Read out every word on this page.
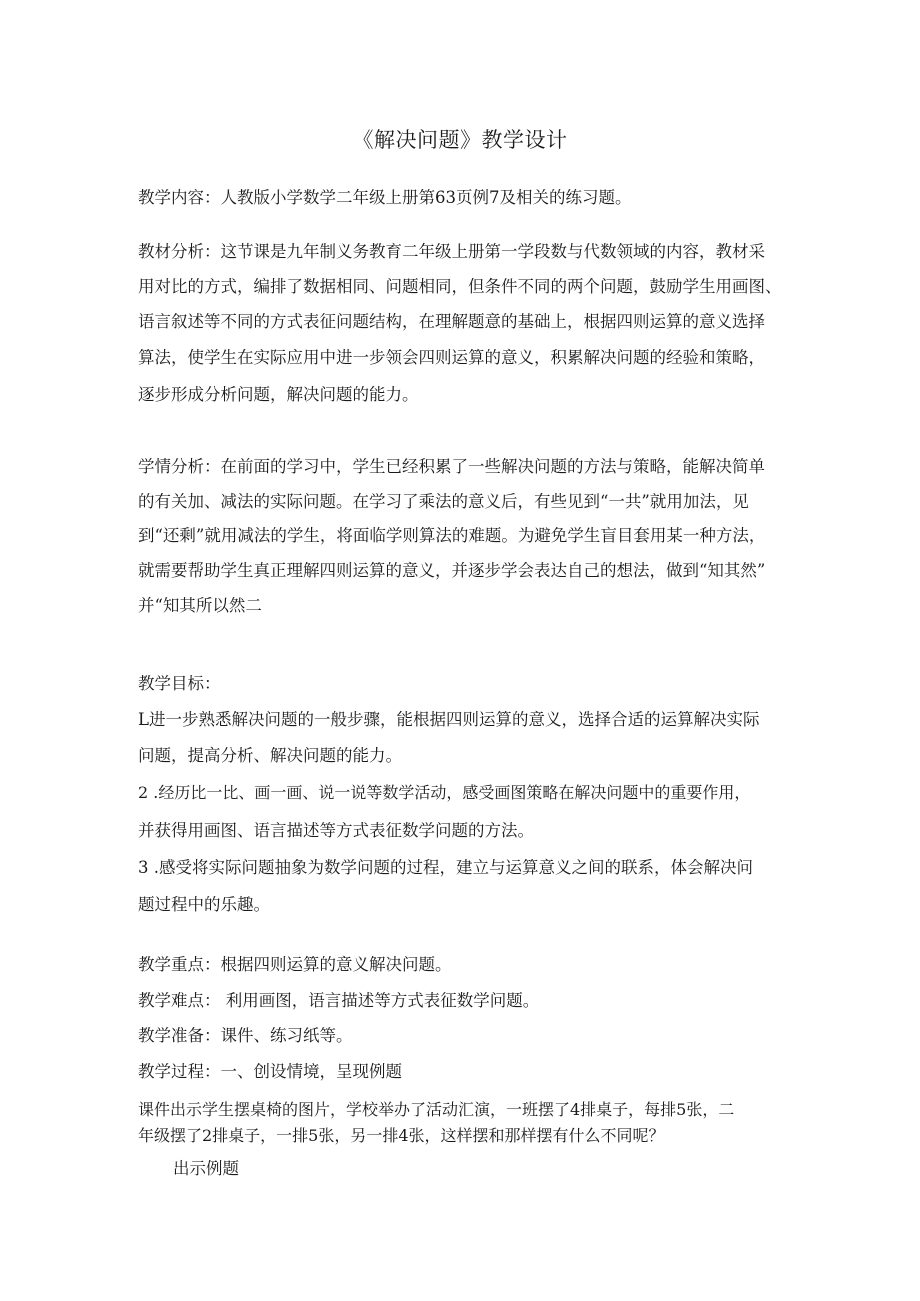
《解决问题》教学设计
教学内容：人教版小学数学二年级上册第63页例7及相关的练习题。
教材分析：这节课是九年制义务教育二年级上册第一学段数与代数领域的内容，教材采
用对比的方式，编排了数据相同、问题相同，但条件不同的两个问题，鼓励学生用画图、
语言叙述等不同的方式表征问题结构，在理解题意的基础上，根据四则运算的意义选择
算法，使学生在实际应用中进一步领会四则运算的意义，积累解决问题的经验和策略，
逐步形成分析问题，解决问题的能力。
学情分析：在前面的学习中，学生已经积累了一些解决问题的方法与策略，能解决简单
的有关加、减法的实际问题。在学习了乘法的意义后，有些见到“一共”就用加法，见
到“还剩”就用减法的学生，将面临学则算法的难题。为避免学生盲目套用某一种方法，
就需要帮助学生真正理解四则运算的意义，并逐步学会表达自己的想法，做到“知其然”
并“知其所以然二
教学目标：
L进一步熟悉解决问题的一般步骤，能根据四则运算的意义，选择合适的运算解决实际
问题，提高分析、解决问题的能力。
2 .经历比一比、画一画、说一说等数学活动，感受画图策略在解决问题中的重要作用，
并获得用画图、语言描述等方式表征数学问题的方法。
3 .感受将实际问题抽象为数学问题的过程，建立与运算意义之间的联系，体会解决问
题过程中的乐趣。
教学重点：根据四则运算的意义解决问题。
教学难点： 利用画图，语言描述等方式表征数学问题。
教学准备：课件、练习纸等。
教学过程：一、创设情境，呈现例题
课件出示学生摆桌椅的图片，学校举办了活动汇演，一班摆了4排桌子，每排5张，二
年级摆了2排桌子，一排5张，另一排4张，这样摆和那样摆有什么不同呢？
出示例题
